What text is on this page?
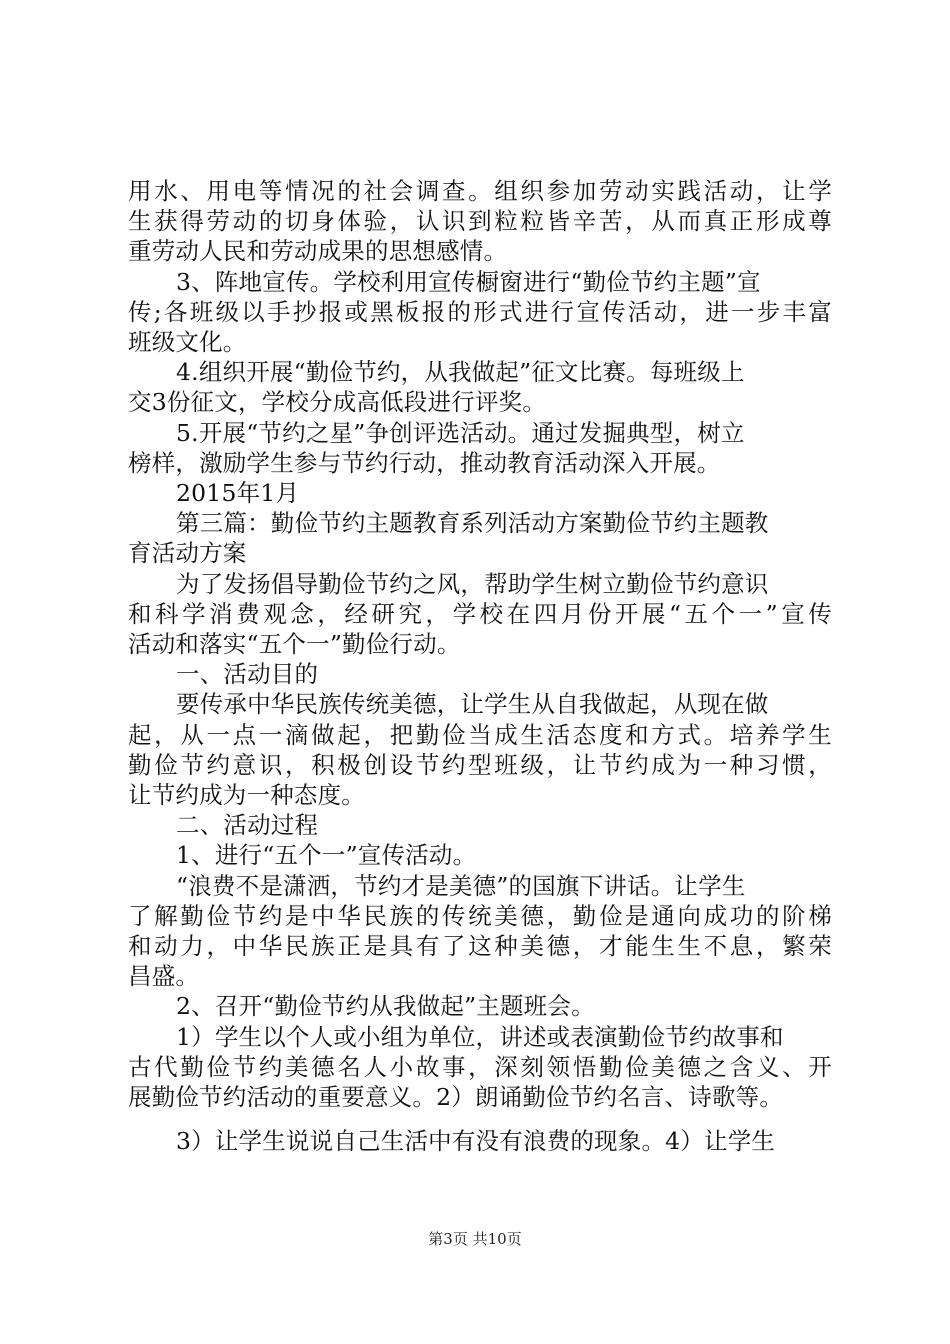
用水、用电等情况的社会调查。组织参加劳动实践活动，让学
生获得劳动的切身体验，认识到粒粒皆辛苦，从而真正形成尊
重劳动人民和劳动成果的思想感情。
3、阵地宣传。学校利用宣传橱窗进行“勤俭节约主题”宣
传;各班级以手抄报或黑板报的形式进行宣传活动，进一步丰富
班级文化。
4.组织开展“勤俭节约，从我做起”征文比赛。每班级上
交3份征文，学校分成高低段进行评奖。
5.开展“节约之星”争创评选活动。通过发掘典型，树立
榜样，激励学生参与节约行动，推动教育活动深入开展。
2015年1月
第三篇：勤俭节约主题教育系列活动方案勤俭节约主题教
育活动方案
为了发扬倡导勤俭节约之风，帮助学生树立勤俭节约意识
和科学消费观念，经研究，学校在四月份开展“五个一”宣传
活动和落实“五个一”勤俭行动。
一、活动目的
要传承中华民族传统美德，让学生从自我做起，从现在做
起，从一点一滴做起，把勤俭当成生活态度和方式。培养学生
勤俭节约意识，积极创设节约型班级，让节约成为一种习惯，
让节约成为一种态度。
二、活动过程
1、进行“五个一”宣传活动。
“浪费不是潇洒，节约才是美德”的国旗下讲话。让学生
了解勤俭节约是中华民族的传统美德，勤俭是通向成功的阶梯
和动力，中华民族正是具有了这种美德，才能生生不息，繁荣
昌盛。
2、召开“勤俭节约从我做起”主题班会。
1）学生以个人或小组为单位，讲述或表演勤俭节约故事和
古代勤俭节约美德名人小故事，深刻领悟勤俭美德之含义、开
展勤俭节约活动的重要意义。2）朗诵勤俭节约名言、诗歌等。
3）让学生说说自己生活中有没有浪费的现象。4）让学生
第3页 共10页
